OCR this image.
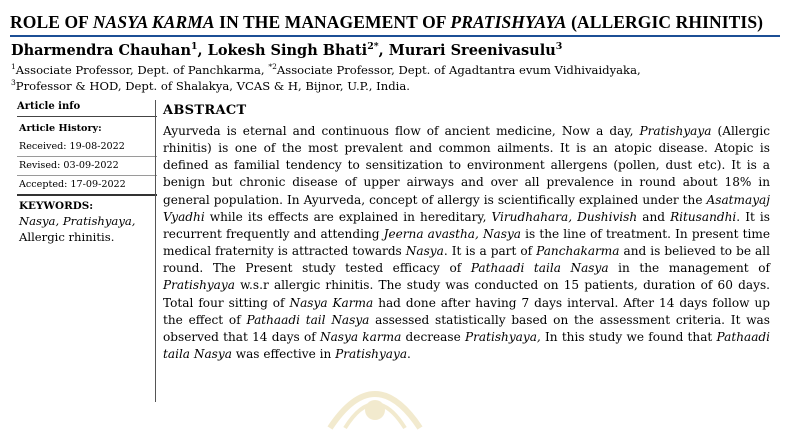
ROLE OF NASYA KARMA IN THE MANAGEMENT OF PRATISHYAYA (ALLERGIC RHINITIS)
Dharmendra Chauhan$^1$, Lokesh Singh Bhati$^{2*}$, Murari Sreenivasulu$^3$
$^1$Associate Professor, Dept. of Panchkarma, $^{*2}$Associate Professor, Dept. of Agadtantra evum Vidhivaidyaka,
$^3$Professor & HOD, Dept. of Shalakya, VCAS & H, Bijnor, U.P., India.
Article info
Article History:
Received: 19-08-2022
Revised: 03-09-2022
Accepted: 17-09-2022
KEYWORDS:
Nasya, Pratishyaya, Allergic rhinitis.
ABSTRACT
Ayurveda is eternal and continuous flow of ancient medicine, Now a day, Pratishyaya (Allergic rhinitis) is one of the most prevalent and common ailments. It is an atopic disease. Atopic is defined as familial tendency to sensitization to environment allergens (pollen, dust etc). It is a benign but chronic disease of upper airways and over all prevalence in round about 18% in general population. In Ayurveda, concept of allergy is scientifically explained under the Asatmayaj Vyadhi while its effects are explained in hereditary, Virudhahara, Dushivish and Ritusandhi. It is recurrent frequently and attending Jeerna avastha, Nasya is the line of treatment. In present time medical fraternity is attracted towards Nasya. It is a part of Panchakarma and is believed to be all round. The Present study tested efficacy of Pathaadi taila Nasya in the management of Pratishyaya w.s.r allergic rhinitis. The study was conducted on 15 patients, duration of 60 days. Total four sitting of Nasya Karma had done after having 7 days interval. After 14 days follow up the effect of Pathaadi tail Nasya assessed statistically based on the assessment criteria. It was observed that 14 days of Nasya karma decrease Pratishyaya, In this study we found that Pathaadi taila Nasya was effective in Pratishyaya.
